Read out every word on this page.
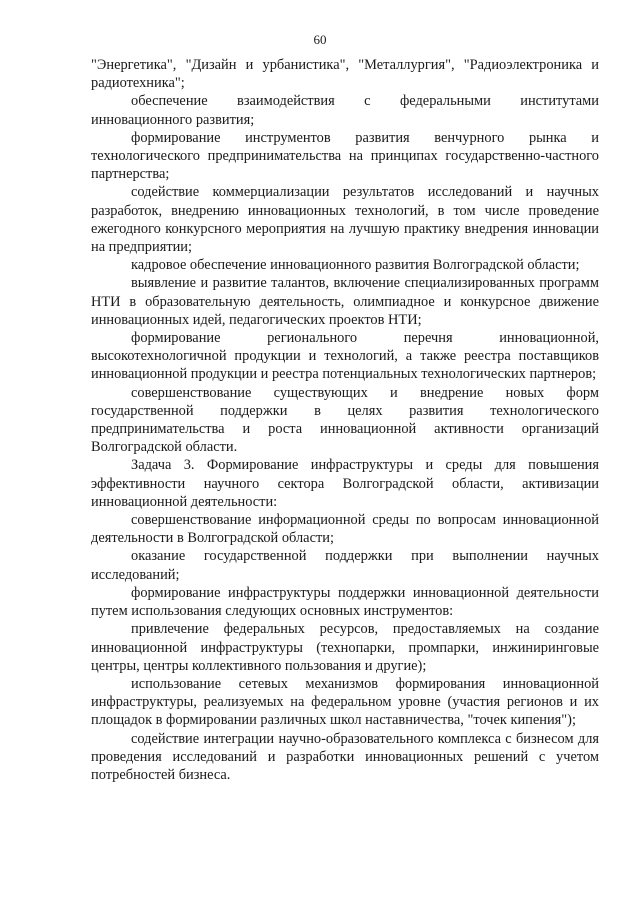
60

"Энергетика", "Дизайн и урбанистика", "Металлургия", "Радиоэлектроника и радиотехника";

обеспечение взаимодействия с федеральными институтами инновационного развития;

формирование инструментов развития венчурного рынка и технологического предпринимательства на принципах государственно-частного партнерства;

содействие коммерциализации результатов исследований и научных разработок, внедрению инновационных технологий, в том числе проведение ежегодного конкурсного мероприятия на лучшую практику внедрения инновации на предприятии;

кадровое обеспечение инновационного развития Волгоградской области;

выявление и развитие талантов, включение специализированных программ НТИ в образовательную деятельность, олимпиадное и конкурсное движение инновационных идей, педагогических проектов НТИ;

формирование регионального перечня инновационной, высокотехнологичной продукции и технологий, а также реестра поставщиков инновационной продукции и реестра потенциальных технологических партнеров;

совершенствование существующих и внедрение новых форм государственной поддержки в целях развития технологического предпринимательства и роста инновационной активности организаций Волгоградской области.

Задача 3. Формирование инфраструктуры и среды для повышения эффективности научного сектора Волгоградской области, активизации инновационной деятельности:

совершенствование информационной среды по вопросам инновационной деятельности в Волгоградской области;

оказание государственной поддержки при выполнении научных исследований;

формирование инфраструктуры поддержки инновационной деятельности путем использования следующих основных инструментов:

привлечение федеральных ресурсов, предоставляемых на создание инновационной инфраструктуры (технопарки, промпарки, инжиниринговые центры, центры коллективного пользования и другие);

использование сетевых механизмов формирования инновационной инфраструктуры, реализуемых на федеральном уровне (участия регионов и их площадок в формировании различных школ наставничества, "точек кипения");

содействие интеграции научно-образовательного комплекса с бизнесом для проведения исследований и разработки инновационных решений с учетом потребностей бизнеса.
